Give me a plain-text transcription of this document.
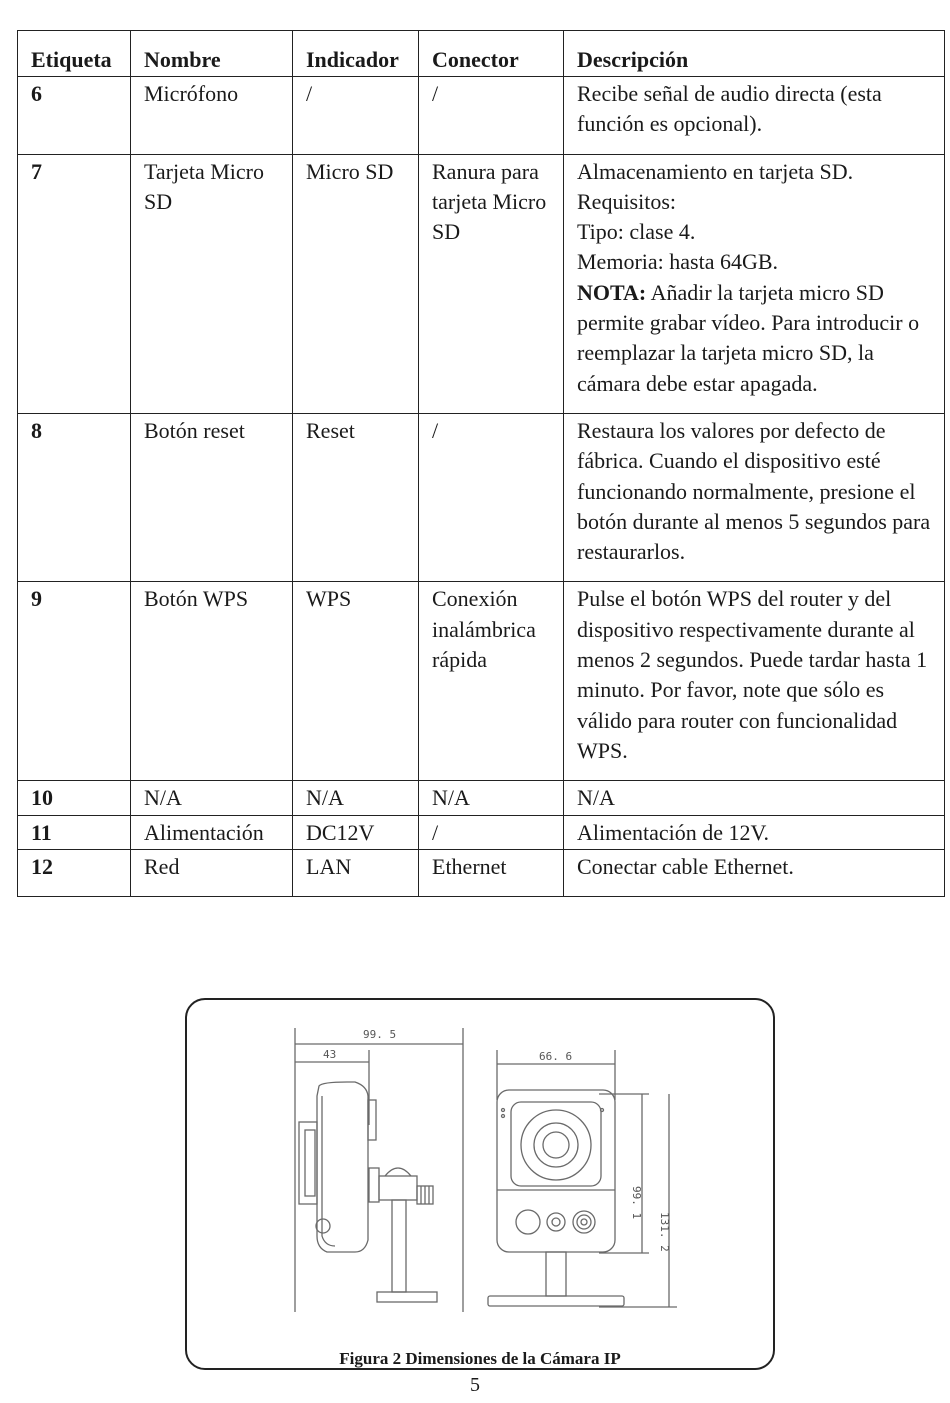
Etiqueta	Nombre	Indicador	Conector	Descripción
6	Micrófono	/	/	Recibe señal de audio directa (esta
función es opcional).

7	Tarjeta Micro SD	Micro SD	Ranura para tarjeta Micro SD	Almacenamiento en tarjeta SD.
Requisitos:
Tipo: clase 4.
Memoria: hasta 64GB.
NOTA: Añadir la tarjeta micro SD permite grabar vídeo. Para introducir o reemplazar la tarjeta micro SD, la cámara debe estar apagada.
8	Botón reset	Reset	/	Restaura los valores por defecto de fábrica. Cuando el dispositivo esté funcionando normalmente, presione el botón durante al menos 5 segundos para restaurarlos.
9	Botón WPS	WPS	Conexión inalámbrica rápida	Pulse el botón WPS del router y del dispositivo respectivamente durante al menos 2 segundos. Puede tardar hasta 1 minuto. Por favor, note que sólo es válido para router con funcionalidad WPS.
10	N/A	N/A	N/A	N/A
11	Alimentación	DC12V	/	Alimentación de 12V.
12	Red	LAN	Ethernet	Conectar cable Ethernet.
99. 5
43	66. 6
99. 1
131. 2
Figura 2 Dimensiones de la Cámara IP
5
